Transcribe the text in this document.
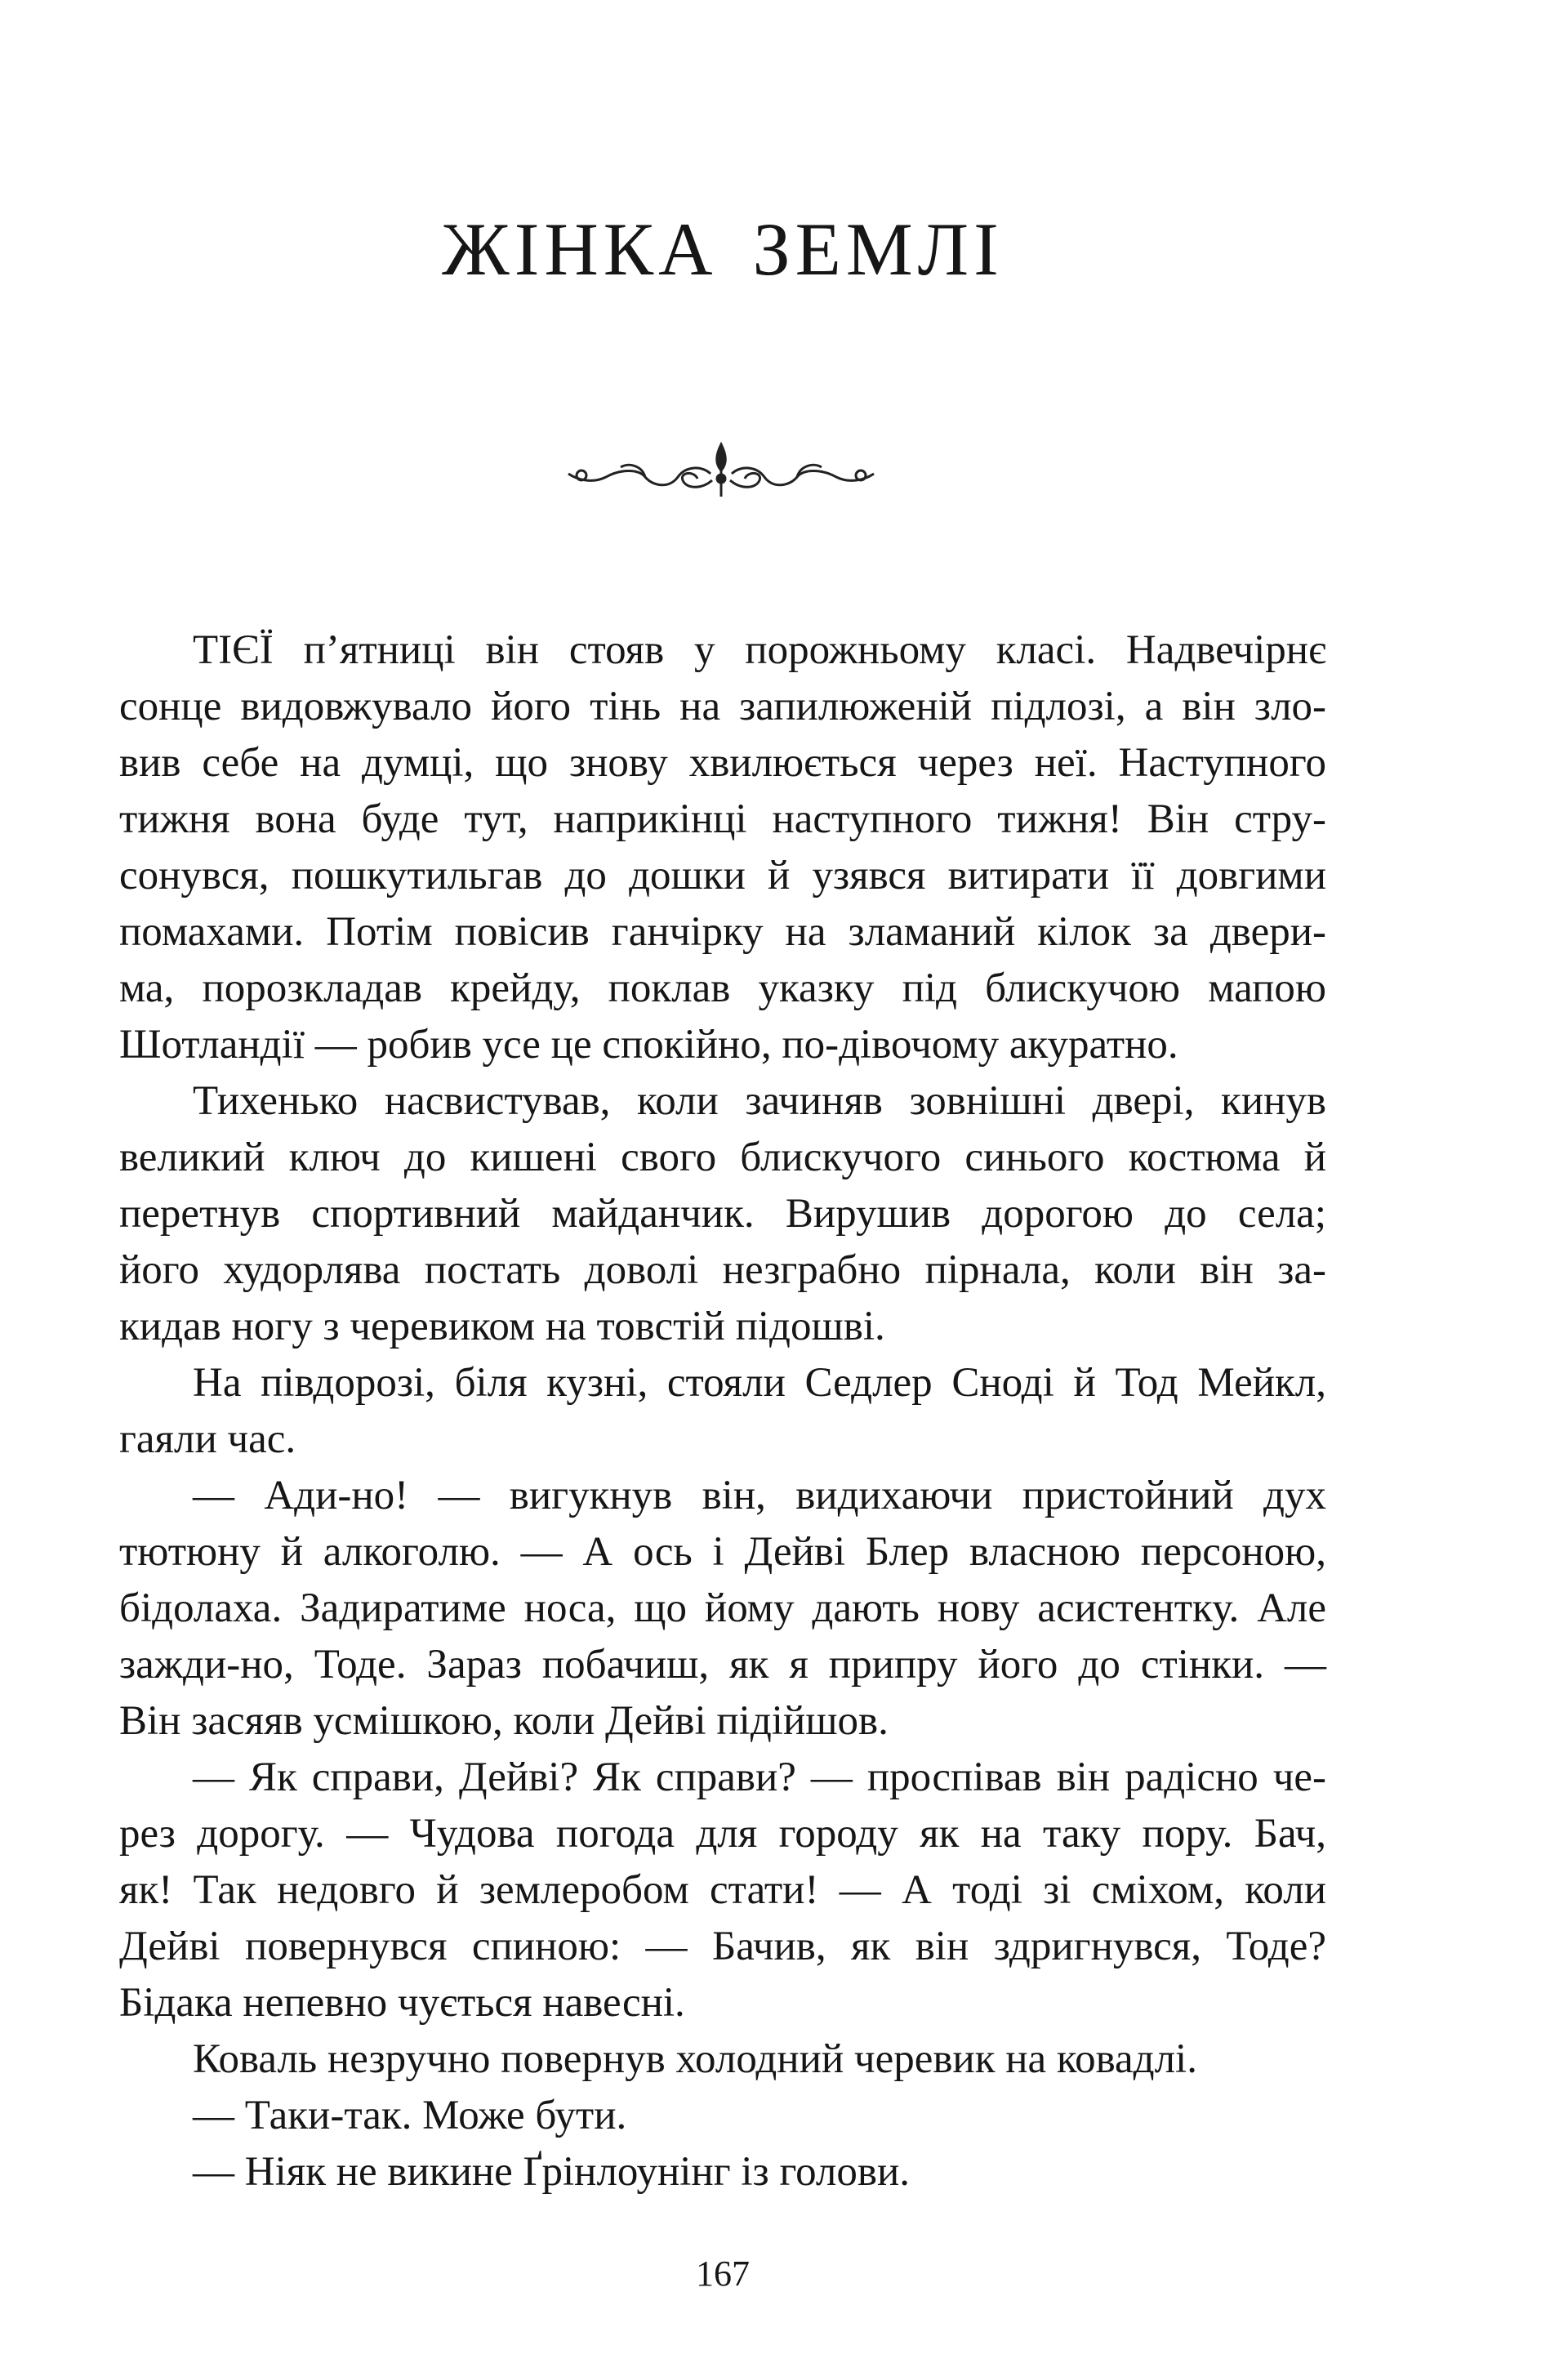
ЖІНКА ЗЕМЛІ
ТІЄЇ п’ятниці він стояв у порожньому класі. Надвечірнє
сонце видовжувало його тінь на запилюженій підлозі, а він зло-
вив себе на думці, що знову хвилюється через неї. Наступного
тижня вона буде тут, наприкінці наступного тижня! Він стру-
сонувся, пошкутильгав до дошки й узявся витирати її довгими
помахами. Потім повісив ганчірку на зламаний кілок за двери-
ма, порозкладав крейду, поклав указку під блискучою мапою
Шотландії — робив усе це спокійно, по-дівочому акуратно.
Тихенько насвистував, коли зачиняв зовнішні двері, кинув
великий ключ до кишені свого блискучого синього костюма й
перетнув спортивний майданчик. Вирушив дорогою до села;
його худорлява постать доволі незграбно пірнала, коли він за-
кидав ногу з черевиком на товстій підошві.
На півдорозі, біля кузні, стояли Седлер Сноді й Тод Мейкл,
гаяли час.
— Ади-но! — вигукнув він, видихаючи пристойний дух
тютюну й алкоголю. — А ось і Дейві Блер власною персоною,
бідолаха. Задиратиме носа, що йому дають нову асистентку. Але
зажди-но, Тоде. Зараз побачиш, як я припру його до стінки. —
Він засяяв усмішкою, коли Дейві підійшов.
— Як справи, Дейві? Як справи? — проспівав він радісно че-
рез дорогу. — Чудова погода для городу як на таку пору. Бач,
як! Так недовго й землеробом стати! — А тоді зі сміхом, коли
Дейві повернувся спиною: — Бачив, як він здригнувся, Тоде?
Бідака непевно чується навесні.
Коваль незручно повернув холодний черевик на ковадлі.
— Таки-так. Може бути.
— Ніяк не викине Ґрінлоунінг із голови.
167
